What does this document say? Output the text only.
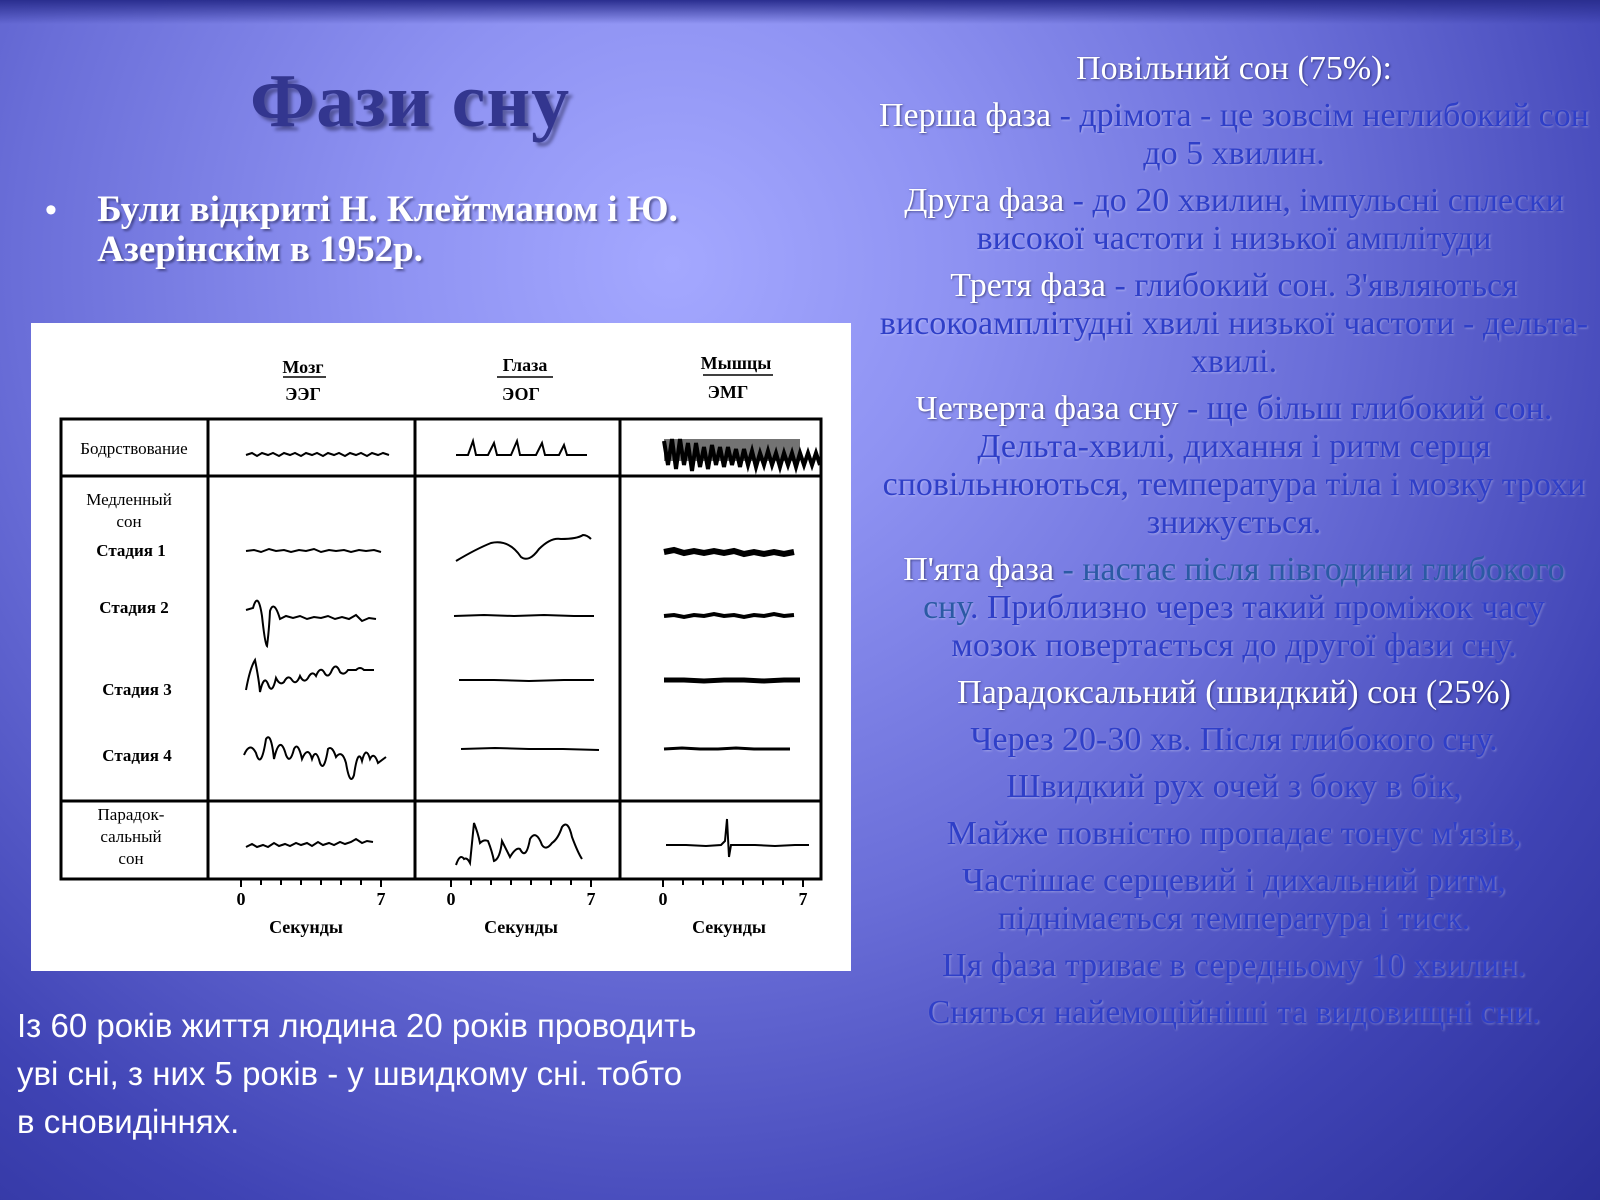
Фази сну
•	Були відкриті Н. Клейтманом і Ю. Азерінскім в 1952р.
Мозг
ЭЭГ
Глаза
ЭОГ
Мышцы
ЭМГ
Бодрствование
Медленный
сон
Стадия 1
Стадия 2
Стадия 3
Стадия 4
Парадок-
сальный
сон
0	7
Секунды
0	7
Секунды
0	7
Секунды
Із 60 років життя людина 20 років проводить уві сні, з них 5 років - у швидкому сні. тобто в сновидіннях.

Повільний сон (75%):

Перша фаза - дрімота - це зовсім неглибокий сон до 5 хвилин.

Друга фаза - до 20 хвилин, імпульсні сплески високої частоти і низької амплітуди

Третя фаза - глибокий сон. З'являються високоамплітудні хвилі низької частоти - дельта-хвилі.

Четверта фаза сну - ще більш глибокий сон. Дельта-хвилі, дихання і ритм серця сповільнюються, температура тіла і мозку трохи знижується.

П'ята фаза - настає після півгодини глибокого сну. Приблизно через такий проміжок часу мозок повертається до другої фази сну.

Парадоксальний (швидкий) сон (25%)

Через 20-30 хв. Після глибокого сну.

Швидкий рух очей з боку в бік,

Майже повністю пропадає тонус м'язів,

Частішає серцевий і дихальний ритм, піднімається температура і тиск.

Ця фаза триває в середньому 10 хвилин.

Сняться найемоційніші та видовищні сни.
